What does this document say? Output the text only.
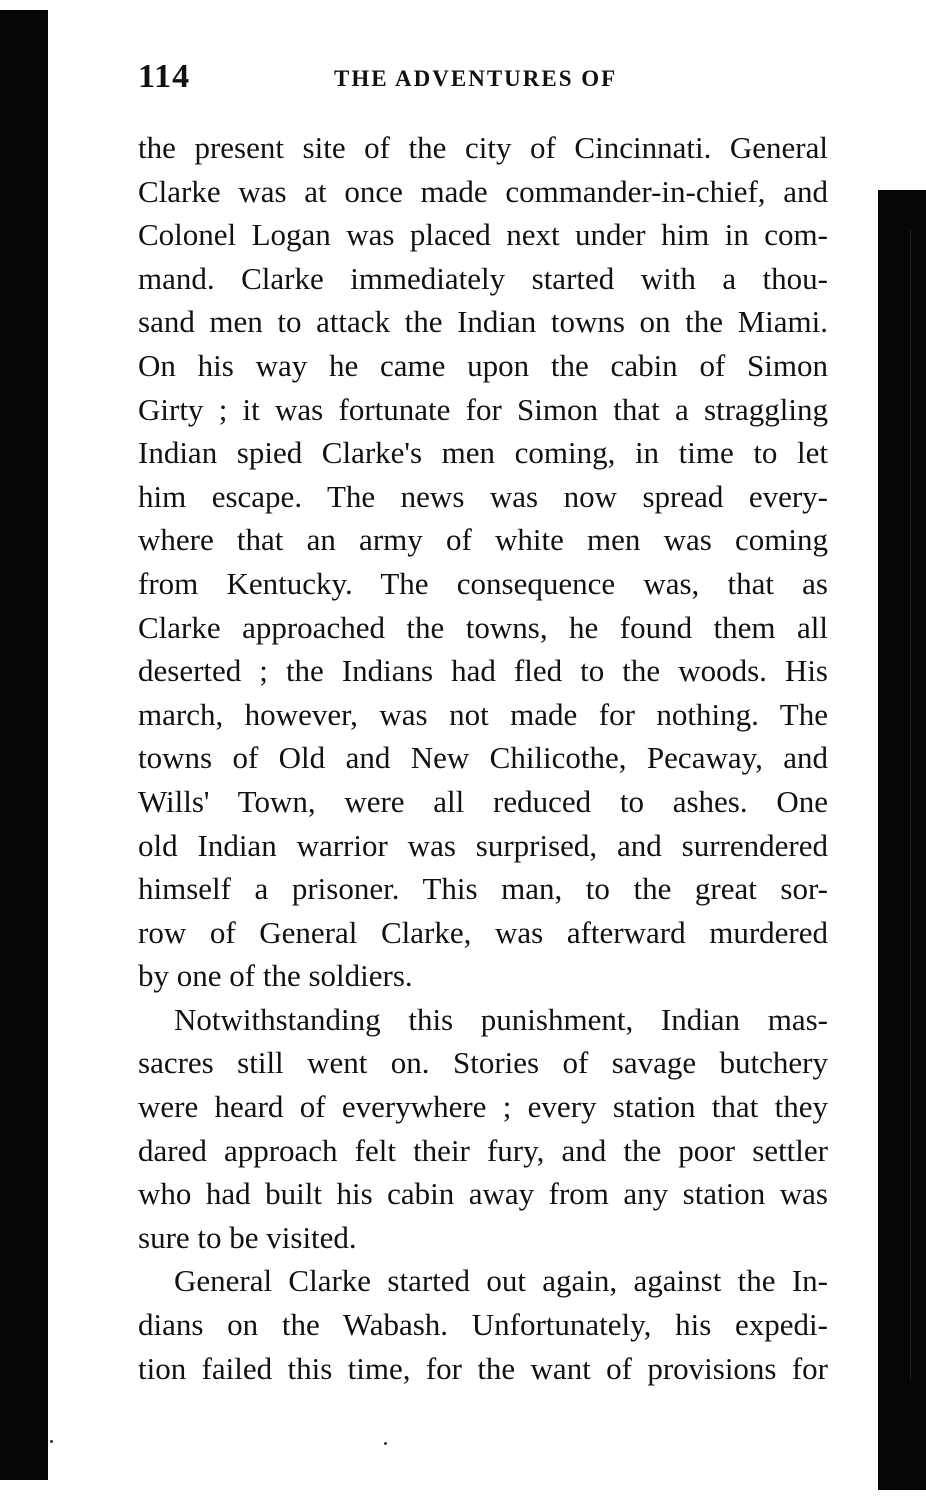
114	THE ADVENTURES OF
the present site of the city of Cincinnati. General
Clarke was at once made commander-in-chief, and
Colonel Logan was placed next under him in com-
mand. Clarke immediately started with a thou-
sand men to attack the Indian towns on the Miami.
On his way he came upon the cabin of Simon
Girty ; it was fortunate for Simon that a straggling
Indian spied Clarke's men coming, in time to let
him escape. The news was now spread every-
where that an army of white men was coming
from Kentucky. The consequence was, that as
Clarke approached the towns, he found them all
deserted ; the Indians had fled to the woods. His
march, however, was not made for nothing. The
towns of Old and New Chilicothe, Pecaway, and
Wills' Town, were all reduced to ashes. One
old Indian warrior was surprised, and surrendered
himself a prisoner. This man, to the great sor-
row of General Clarke, was afterward murdered
by one of the soldiers.
Notwithstanding this punishment, Indian mas-
sacres still went on. Stories of savage butchery
were heard of everywhere ; every station that they
dared approach felt their fury, and the poor settler
who had built his cabin away from any station was
sure to be visited.
General Clarke started out again, against the In-
dians on the Wabash. Unfortunately, his expedi-
tion failed this time, for the want of provisions for
